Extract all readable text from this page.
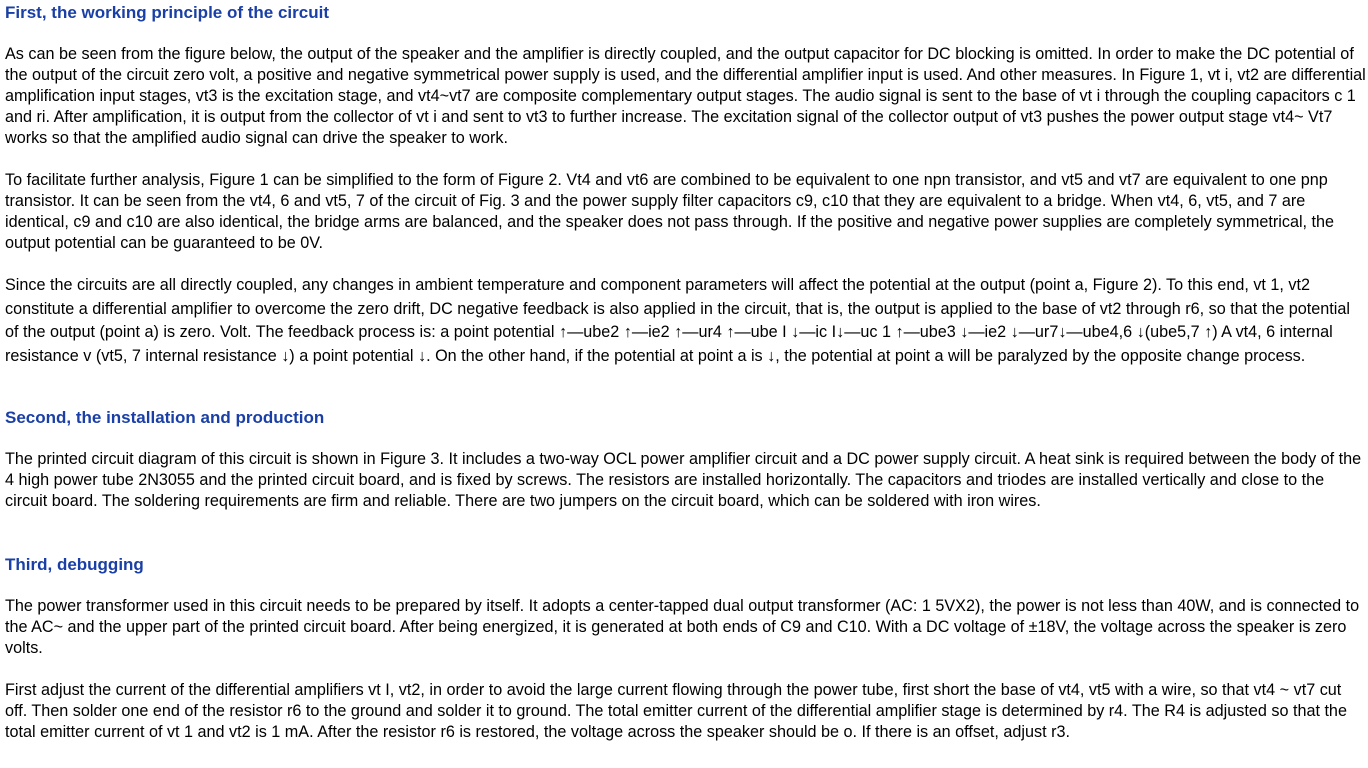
First, the working principle of the circuit

As can be seen from the figure below, the output of the speaker and the amplifier is directly coupled, and the output capacitor for DC blocking is omitted. In order to make the DC potential of the output of the circuit zero volt, a positive and negative symmetrical power supply is used, and the differential amplifier input is used. And other measures. In Figure 1, vt i, vt2 are differential amplification input stages, vt3 is the excitation stage, and vt4~vt7 are composite complementary output stages. The audio signal is sent to the base of vt i through the coupling capacitors c 1 and ri. After amplification, it is output from the collector of vt i and sent to vt3 to further increase. The excitation signal of the collector output of vt3 pushes the power output stage vt4~ Vt7 works so that the amplified audio signal can drive the speaker to work.

To facilitate further analysis, Figure 1 can be simplified to the form of Figure 2. Vt4 and vt6 are combined to be equivalent to one npn transistor, and vt5 and vt7 are equivalent to one pnp transistor. It can be seen from the vt4, 6 and vt5, 7 of the circuit of Fig. 3 and the power supply filter capacitors c9, c10 that they are equivalent to a bridge. When vt4, 6, vt5, and 7 are identical, c9 and c10 are also identical, the bridge arms are balanced, and the speaker does not pass through. If the positive and negative power supplies are completely symmetrical, the output potential can be guaranteed to be 0V.

Since the circuits are all directly coupled, any changes in ambient temperature and component parameters will affect the potential at the output (point a, Figure 2). To this end, vt 1, vt2 constitute a differential amplifier to overcome the zero drift, DC negative feedback is also applied in the circuit, that is, the output is applied to the base of vt2 through r6, so that the potential of the output (point a) is zero. Volt. The feedback process is: a point potential ↑—ube2 ↑—ie2 ↑—ur4 ↑—ube I ↓—ic I↓—uc 1 ↑—ube3 ↓—ie2 ↓—ur7↓—ube4,6 ↓(ube5,7 ↑) A vt4, 6 internal resistance v (vt5, 7 internal resistance ↓) a point potential ↓. On the other hand, if the potential at point a is ↓, the potential at point a will be paralyzed by the opposite change process.

Second, the installation and production

The printed circuit diagram of this circuit is shown in Figure 3. It includes a two-way OCL power amplifier circuit and a DC power supply circuit. A heat sink is required between the body of the 4 high power tube 2N3055 and the printed circuit board, and is fixed by screws. The resistors are installed horizontally. The capacitors and triodes are installed vertically and close to the circuit board. The soldering requirements are firm and reliable. There are two jumpers on the circuit board, which can be soldered with iron wires.

Third, debugging

The power transformer used in this circuit needs to be prepared by itself. It adopts a center-tapped dual output transformer (AC: 1 5VX2), the power is not less than 40W, and is connected to the AC~ and the upper part of the printed circuit board. After being energized, it is generated at both ends of C9 and C10. With a DC voltage of ±18V, the voltage across the speaker is zero volts.

First adjust the current of the differential amplifiers vt I, vt2, in order to avoid the large current flowing through the power tube, first short the base of vt4, vt5 with a wire, so that vt4 ~ vt7 cut off. Then solder one end of the resistor r6 to the ground and solder it to ground. The total emitter current of the differential amplifier stage is determined by r4. The R4 is adjusted so that the total emitter current of vt 1 and vt2 is 1 mA. After the resistor r6 is restored, the voltage across the speaker should be o. If there is an offset, adjust r3.
